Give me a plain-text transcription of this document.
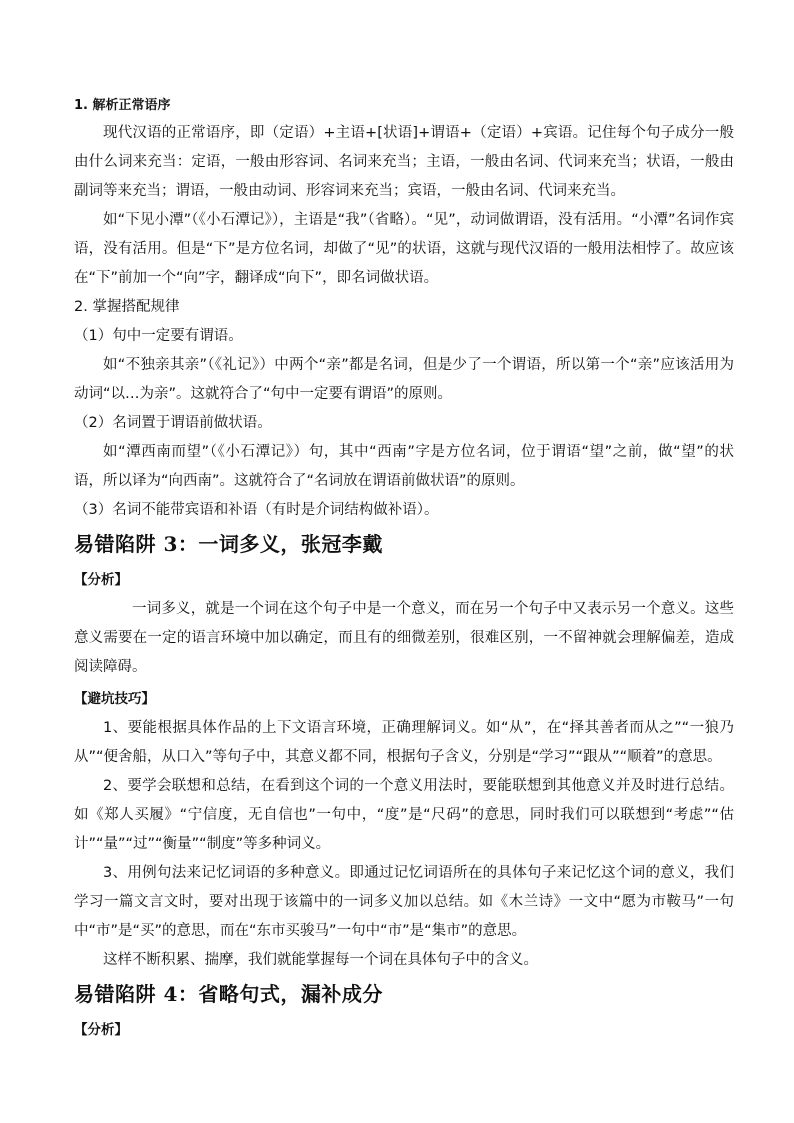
1. 解析正常语序

现代汉语的正常语序，即（定语）+主语+[状语]+谓语+（定语）+宾语。记住每个句子成分一般由什么词来充当：定语，一般由形容词、名词来充当；主语，一般由名词、代词来充当；状语，一般由副词等来充当；谓语，一般由动词、形容词来充当；宾语，一般由名词、代词来充当。

如“下见小潭”（《小石潭记》），主语是“我”（省略）。“见”，动词做谓语，没有活用。“小潭”名词作宾语，没有活用。但是“下”是方位名词，却做了“见”的状语，这就与现代汉语的一般用法相悖了。故应该在“下”前加一个“向”字，翻译成“向下”，即名词做状语。

2. 掌握搭配规律

（1）句中一定要有谓语。

如“不独亲其亲”（《礼记》）中两个“亲”都是名词，但是少了一个谓语，所以第一个“亲”应该活用为动词“以…为亲”。这就符合了“句中一定要有谓语”的原则。

（2）名词置于谓语前做状语。

如“潭西南而望”（《小石潭记》）句，其中“西南”字是方位名词，位于谓语“望”之前，做“望”的状语，所以译为“向西南”。这就符合了“名词放在谓语前做状语”的原则。

（3）名词不能带宾语和补语（有时是介词结构做补语）。

易错陷阱 3：一词多义，张冠李戴

【分析】

一词多义，就是一个词在这个句子中是一个意义，而在另一个句子中又表示另一个意义。这些意义需要在一定的语言环境中加以确定，而且有的细微差别，很难区别，一不留神就会理解偏差，造成阅读障碍。

【避坑技巧】

1、要能根据具体作品的上下文语言环境，正确理解词义。如“从”，在“择其善者而从之”“一狼乃从”“便舍船，从口入”等句子中，其意义都不同，根据句子含义，分别是“学习”“跟从”“顺着”的意思。

2、要学会联想和总结，在看到这个词的一个意义用法时，要能联想到其他意义并及时进行总结。如《郑人买履》“宁信度，无自信也”一句中，“度”是“尺码”的意思，同时我们可以联想到“考虑”“估计”“量”“过”“衡量”“制度”等多种词义。

3、用例句法来记忆词语的多种意义。即通过记忆词语所在的具体句子来记忆这个词的意义，我们学习一篇文言文时，要对出现于该篇中的一词多义加以总结。如《木兰诗》一文中“愿为市鞍马”一句中“市”是“买”的意思，而在“东市买骏马”一句中“市”是“集市”的意思。

这样不断积累、揣摩，我们就能掌握每一个词在具体句子中的含义。

易错陷阱 4：省略句式，漏补成分

【分析】
